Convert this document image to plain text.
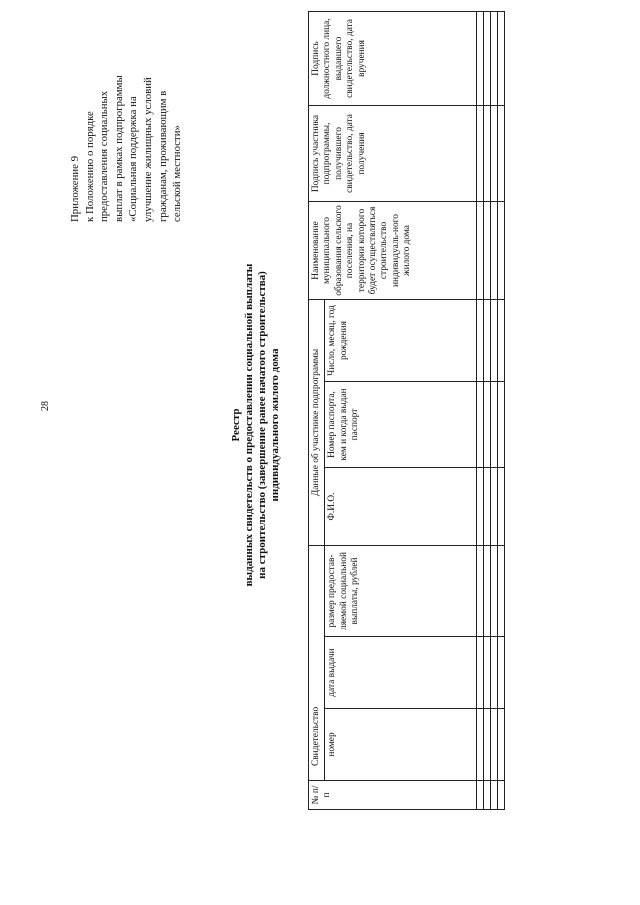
28
Приложение 9 к Положению о порядке предоставления социальных выплат в рамках подпрограммы «Социальная поддержка на улучшение жилищных условий гражданам, проживающим в сельской местности»
Реестр выданных свидетельств о предоставлении социальной выплаты на строительство (завершение ранее начатого строительства) индивидуального жилого дома
№ п/п	Свидетельство			Данные об участнике подпрограммы			Наименование муниципального образования сельского поселения, на территории которого будет осуществляться строительство индивидуаль-ного жилого дома	Подпись участника подпрограммы, получившего свидетельство, дата получения	Подпись должностного лица, выдавшего свидетельство, дата вручения
	номер	дата выдачи	размер предостав-ляемой социальной выплаты, рублей	Ф.И.О.	Номер паспорта, кем и когда выдан паспорт	Число, месяц, год рождения			
